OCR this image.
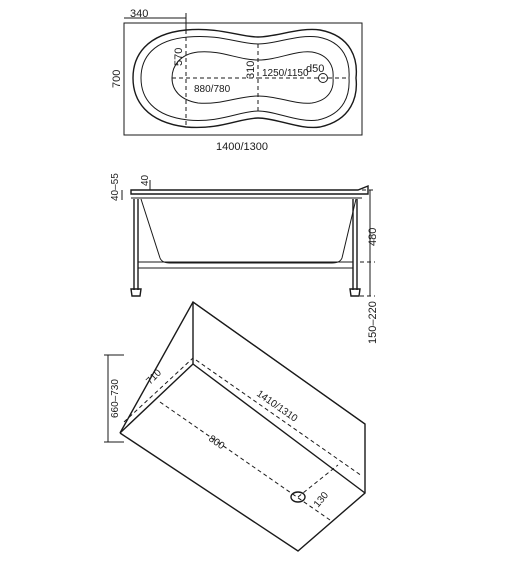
340
570
310 1250/1150
d50
880/780
700
1400/1300
40–55 40
480
150–220
660–730
710
1410/1310
800
130
